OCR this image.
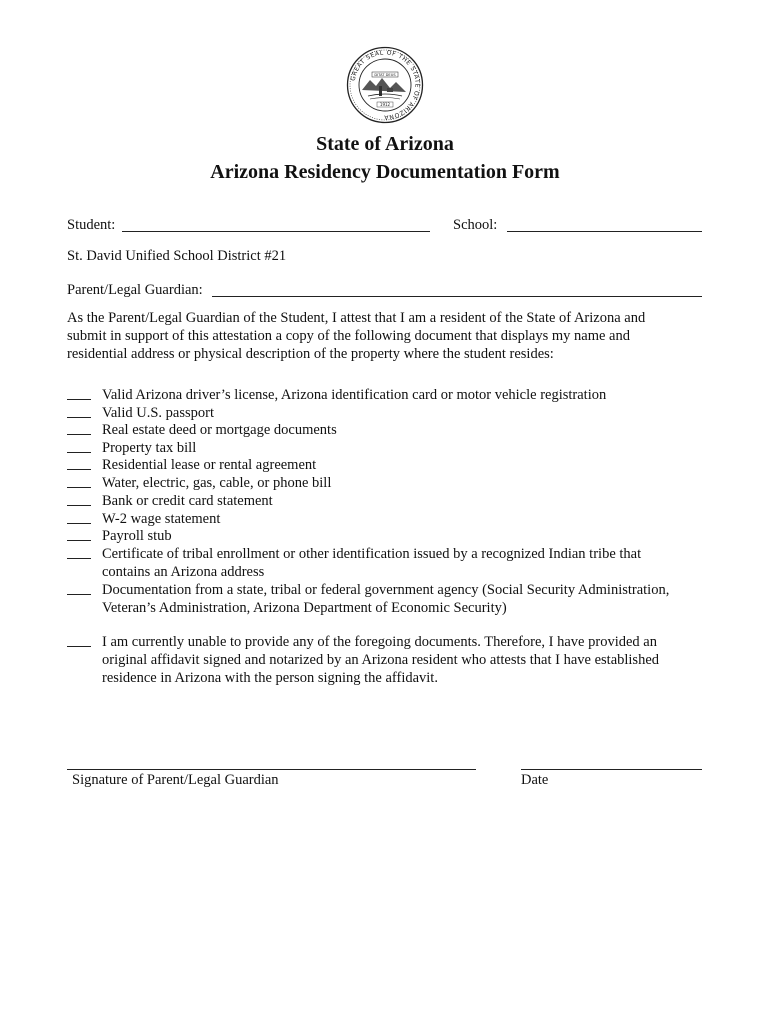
GREAT SEAL OF THE STATE OF ARIZONA
DITAT DEUS
1912
State of Arizona
Arizona Residency Documentation Form
Student:	School:
St. David Unified School District #21
Parent/Legal Guardian:
As the Parent/Legal Guardian of the Student, I attest that I am a resident of the State of Arizona and
submit in support of this attestation a copy of the following document that displays my name and
residential address or physical description of the property where the student resides:
Valid Arizona driver’s license, Arizona identification card or motor vehicle registration
Valid U.S. passport
Real estate deed or mortgage documents
Property tax bill
Residential lease or rental agreement
Water, electric, gas, cable, or phone bill
Bank or credit card statement
W-2 wage statement
Payroll stub
Certificate of tribal enrollment or other identification issued by a recognized Indian tribe that
contains an Arizona address
Documentation from a state, tribal or federal government agency (Social Security Administration,
Veteran’s Administration, Arizona Department of Economic Security)
I am currently unable to provide any of the foregoing documents. Therefore, I have provided an
original affidavit signed and notarized by an Arizona resident who attests that I have established
residence in Arizona with the person signing the affidavit.
Signature of Parent/Legal Guardian	Date
